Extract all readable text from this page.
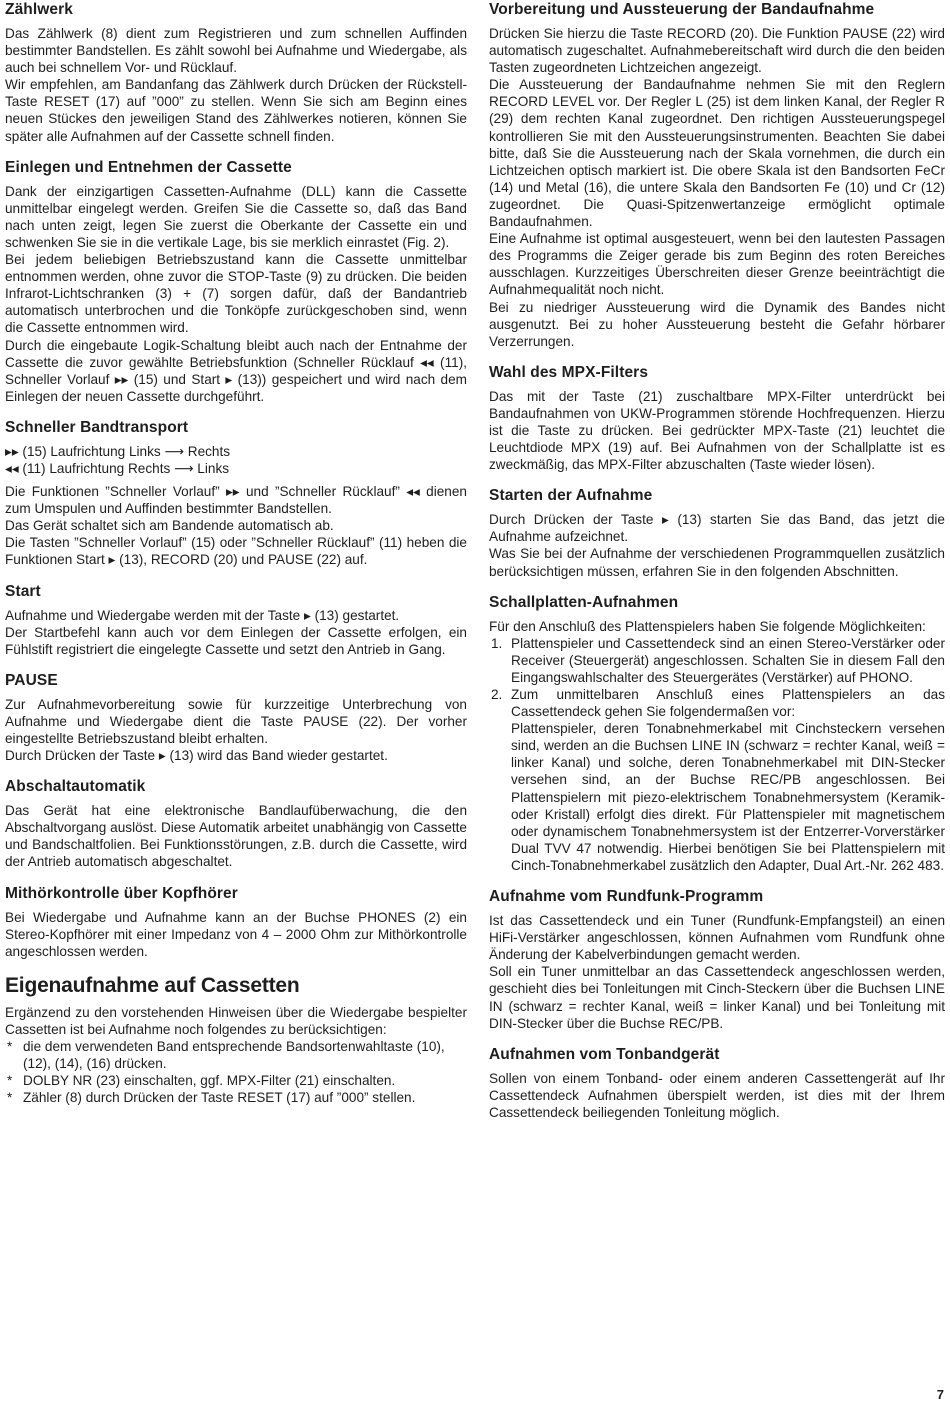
Zählwerk

Das Zählwerk (8) dient zum Registrieren und zum schnellen Auffinden bestimmter Bandstellen. Es zählt sowohl bei Aufnahme und Wiedergabe, als auch bei schnellem Vor- und Rücklauf.

Wir empfehlen, am Bandanfang das Zählwerk durch Drücken der Rückstell-Taste RESET (17) auf ”000” zu stellen. Wenn Sie sich am Beginn eines neuen Stückes den jeweiligen Stand des Zählwerkes notieren, können Sie später alle Aufnahmen auf der Cassette schnell finden.

Einlegen und Entnehmen der Cassette

Dank der einzigartigen Cassetten-Aufnahme (DLL) kann die Cassette unmittelbar eingelegt werden. Greifen Sie die Cassette so, daß das Band nach unten zeigt, legen Sie zuerst die Oberkante der Cassette ein und schwenken Sie sie in die vertikale Lage, bis sie merklich einrastet (Fig. 2).

Bei jedem beliebigen Betriebszustand kann die Cassette unmittelbar entnommen werden, ohne zuvor die STOP-Taste (9) zu drücken. Die beiden Infrarot-Lichtschranken (3) + (7) sorgen dafür, daß der Bandantrieb automatisch unterbrochen und die Tonköpfe zurückgeschoben sind, wenn die Cassette entnommen wird.

Durch die eingebaute Logik-Schaltung bleibt auch nach der Entnahme der Cassette die zuvor gewählte Betriebsfunktion (Schneller Rücklauf ◂◂ (11), Schneller Vorlauf ▸▸ (15) und Start ▸ (13)) gespeichert und wird nach dem Einlegen der neuen Cassette durchgeführt.

Schneller Bandtransport
▸▸ (15) Laufrichtung Links ⟶ Rechts
◂◂ (11) Laufrichtung Rechts ⟶ Links

Die Funktionen ”Schneller Vorlauf” ▸▸ und ”Schneller Rücklauf” ◂◂ dienen zum Umspulen und Auffinden bestimmter Bandstellen.

Das Gerät schaltet sich am Bandende automatisch ab.

Die Tasten ”Schneller Vorlauf” (15) oder ”Schneller Rücklauf” (11) heben die Funktionen Start ▸ (13), RECORD (20) und PAUSE (22) auf.

Start

Aufnahme und Wiedergabe werden mit der Taste ▸ (13) gestartet.

Der Startbefehl kann auch vor dem Einlegen der Cassette erfolgen, ein Fühlstift registriert die eingelegte Cassette und setzt den Antrieb in Gang.

PAUSE

Zur Aufnahmevorbereitung sowie für kurzzeitige Unterbrechung von Aufnahme und Wiedergabe dient die Taste PAUSE (22). Der vorher eingestellte Betriebszustand bleibt erhalten.

Durch Drücken der Taste ▸ (13) wird das Band wieder gestartet.

Abschaltautomatik

Das Gerät hat eine elektronische Bandlaufüberwachung, die den Abschaltvorgang auslöst. Diese Automatik arbeitet unabhängig von Cassette und Bandschaltfolien. Bei Funktionsstörungen, z.B. durch die Cassette, wird der Antrieb automatisch abgeschaltet.

Mithörkontrolle über Kopfhörer

Bei Wiedergabe und Aufnahme kann an der Buchse PHONES (2) ein Stereo-Kopfhörer mit einer Impedanz von 4 – 2000 Ohm zur Mithörkontrolle angeschlossen werden.

Eigenaufnahme auf Cassetten

Ergänzend zu den vorstehenden Hinweisen über die Wiedergabe bespielter Cassetten ist bei Aufnahme noch folgendes zu berücksichtigen:

* die dem verwendeten Band entsprechende Bandsortenwahltaste (10), (12), (14), (16) drücken.
* DOLBY NR (23) einschalten, ggf. MPX-Filter (21) einschalten.
* Zähler (8) durch Drücken der Taste RESET (17) auf ”000” stellen.
Vorbereitung und Aussteuerung der Bandaufnahme

Drücken Sie hierzu die Taste RECORD (20). Die Funktion PAUSE (22) wird automatisch zugeschaltet. Aufnahmebereitschaft wird durch die den beiden Tasten zugeordneten Lichtzeichen angezeigt.

Die Aussteuerung der Bandaufnahme nehmen Sie mit den Reglern RECORD LEVEL vor. Der Regler L (25) ist dem linken Kanal, der Regler R (29) dem rechten Kanal zugeordnet. Den richtigen Aussteuerungspegel kontrollieren Sie mit den Aussteuerungsinstrumenten. Beachten Sie dabei bitte, daß Sie die Aussteuerung nach der Skala vornehmen, die durch ein Lichtzeichen optisch markiert ist. Die obere Skala ist den Bandsorten FeCr (14) und Metal (16), die untere Skala den Bandsorten Fe (10) und Cr (12) zugeordnet. Die Quasi-Spitzenwertanzeige ermöglicht optimale Bandaufnahmen.

Eine Aufnahme ist optimal ausgesteuert, wenn bei den lautesten Passagen des Programms die Zeiger gerade bis zum Beginn des roten Bereiches ausschlagen. Kurzzeitiges Überschreiten dieser Grenze beeinträchtigt die Aufnahmequalität noch nicht.

Bei zu niedriger Aussteuerung wird die Dynamik des Bandes nicht ausgenutzt. Bei zu hoher Aussteuerung besteht die Gefahr hörbarer Verzerrungen.

Wahl des MPX-Filters

Das mit der Taste (21) zuschaltbare MPX-Filter unterdrückt bei Bandaufnahmen von UKW-Programmen störende Hochfrequenzen. Hierzu ist die Taste zu drücken. Bei gedrückter MPX-Taste (21) leuchtet die Leuchtdiode MPX (19) auf. Bei Aufnahmen von der Schallplatte ist es zweckmäßig, das MPX-Filter abzuschalten (Taste wieder lösen).

Starten der Aufnahme

Durch Drücken der Taste ▸ (13) starten Sie das Band, das jetzt die Aufnahme aufzeichnet.

Was Sie bei der Aufnahme der verschiedenen Programmquellen zusätzlich berücksichtigen müssen, erfahren Sie in den folgenden Abschnitten.

Schallplatten-Aufnahmen

Für den Anschluß des Plattenspielers haben Sie folgende Möglichkeiten:

1. Plattenspieler und Cassettendeck sind an einen Stereo-Verstärker oder Receiver (Steuergerät) angeschlossen. Schalten Sie in diesem Fall den Eingangswahlschalter des Steuergerätes (Verstärker) auf PHONO.

2. Zum unmittelbaren Anschluß eines Plattenspielers an das Cassettendeck gehen Sie folgendermaßen vor:

Plattenspieler, deren Tonabnehmerkabel mit Cinchsteckern versehen sind, werden an die Buchsen LINE IN (schwarz = rechter Kanal, weiß = linker Kanal) und solche, deren Tonabnehmerkabel mit DIN-Stecker versehen sind, an der Buchse REC/PB angeschlossen. Bei Plattenspielern mit piezo-elektrischem Tonabnehmersystem (Keramik- oder Kristall) erfolgt dies direkt. Für Plattenspieler mit magnetischem oder dynamischem Tonabnehmersystem ist der Entzerrer-Vorverstärker Dual TVV 47 notwendig. Hierbei benötigen Sie bei Plattenspielern mit Cinch-Tonabnehmerkabel zusätzlich den Adapter, Dual Art.-Nr. 262 483.

Aufnahme vom Rundfunk-Programm

Ist das Cassettendeck und ein Tuner (Rundfunk-Empfangsteil) an einen HiFi-Verstärker angeschlossen, können Aufnahmen vom Rundfunk ohne Änderung der Kabelverbindungen gemacht werden.

Soll ein Tuner unmittelbar an das Cassettendeck angeschlossen werden, geschieht dies bei Tonleitungen mit Cinch-Steckern über die Buchsen LINE IN (schwarz = rechter Kanal, weiß = linker Kanal) und bei Tonleitung mit DIN-Stecker über die Buchse REC/PB.

Aufnahmen vom Tonbandgerät

Sollen von einem Tonband- oder einem anderen Cassettengerät auf Ihr Cassettendeck Aufnahmen überspielt werden, ist dies mit der Ihrem Cassettendeck beiliegenden Tonleitung möglich.

7
